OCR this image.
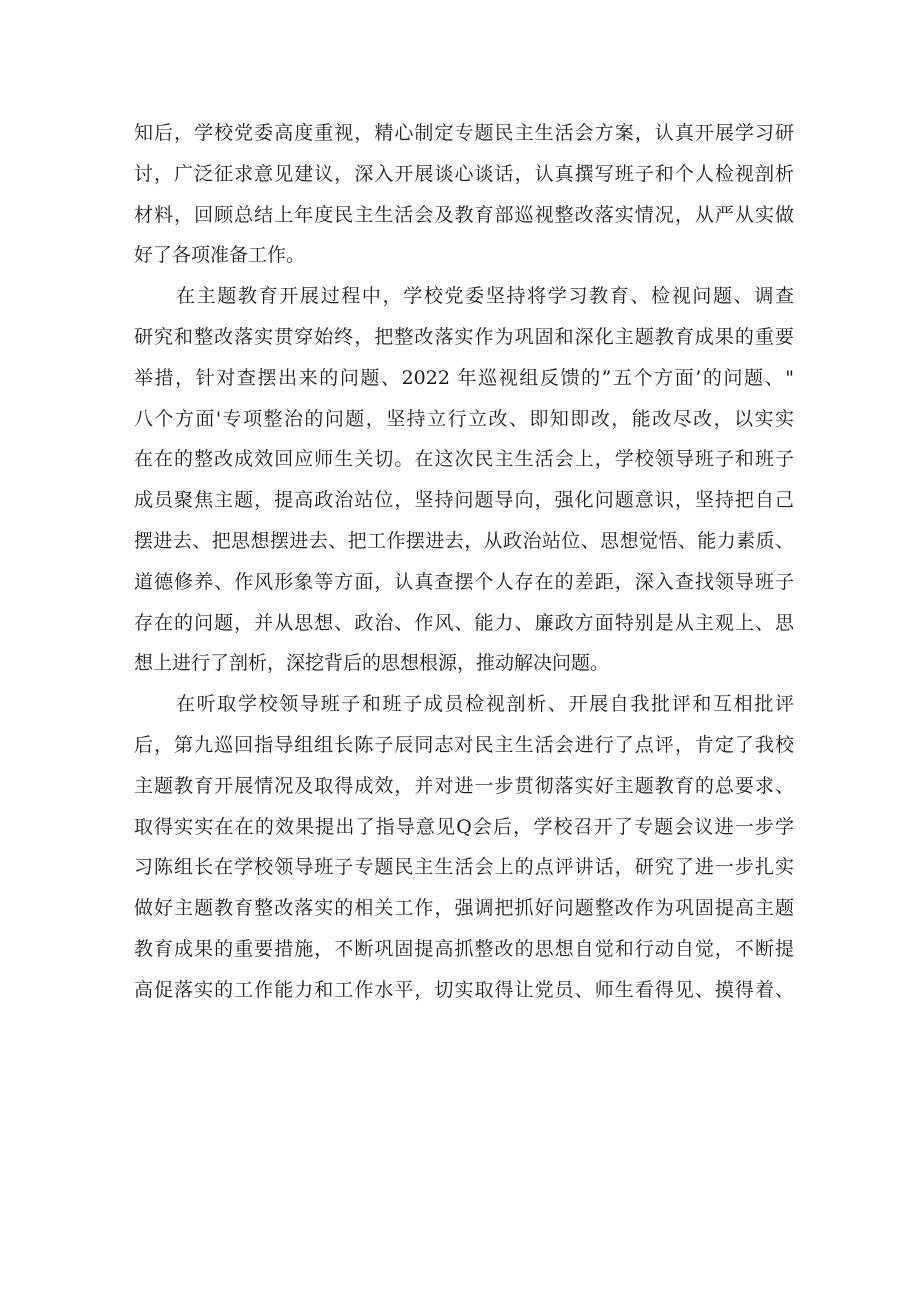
知后，学校党委高度重视，精心制定专题民主生活会方案，认真开展学习研
讨，广泛征求意见建议，深入开展谈心谈话，认真撰写班子和个人检视剖析
材料，回顾总结上年度民主生活会及教育部巡视整改落实情况，从严从实做
好了各项准备工作。
在主题教育开展过程中，学校党委坚持将学习教育、检视问题、调查
研究和整改落实贯穿始终，把整改落实作为巩固和深化主题教育成果的重要
举措，针对查摆出来的问题、2022 年巡视组反馈的”五个方面’的问题、"
八个方面'专项整治的问题，坚持立行立改、即知即改，能改尽改，以实实
在在的整改成效回应师生关切。在这次民主生活会上，学校领导班子和班子
成员聚焦主题，提高政治站位，坚持问题导向，强化问题意识，坚持把自己
摆进去、把思想摆进去、把工作摆进去，从政治站位、思想觉悟、能力素质、
道德修养、作风形象等方面，认真查摆个人存在的差距，深入查找领导班子
存在的问题，并从思想、政治、作风、能力、廉政方面特别是从主观上、思
想上进行了剖析，深挖背后的思想根源，推动解决问题。
在听取学校领导班子和班子成员检视剖析、开展自我批评和互相批评
后，第九巡回指导组组长陈子辰同志对民主生活会进行了点评，肯定了我校
主题教育开展情况及取得成效，并对进一步贯彻落实好主题教育的总要求、
取得实实在在的效果提出了指导意见Q会后，学校召开了专题会议进一步学
习陈组长在学校领导班子专题民主生活会上的点评讲话，研究了进一步扎实
做好主题教育整改落实的相关工作，强调把抓好问题整改作为巩固提高主题
教育成果的重要措施，不断巩固提高抓整改的思想自觉和行动自觉，不断提
高促落实的工作能力和工作水平，切实取得让党员、师生看得见、摸得着、
